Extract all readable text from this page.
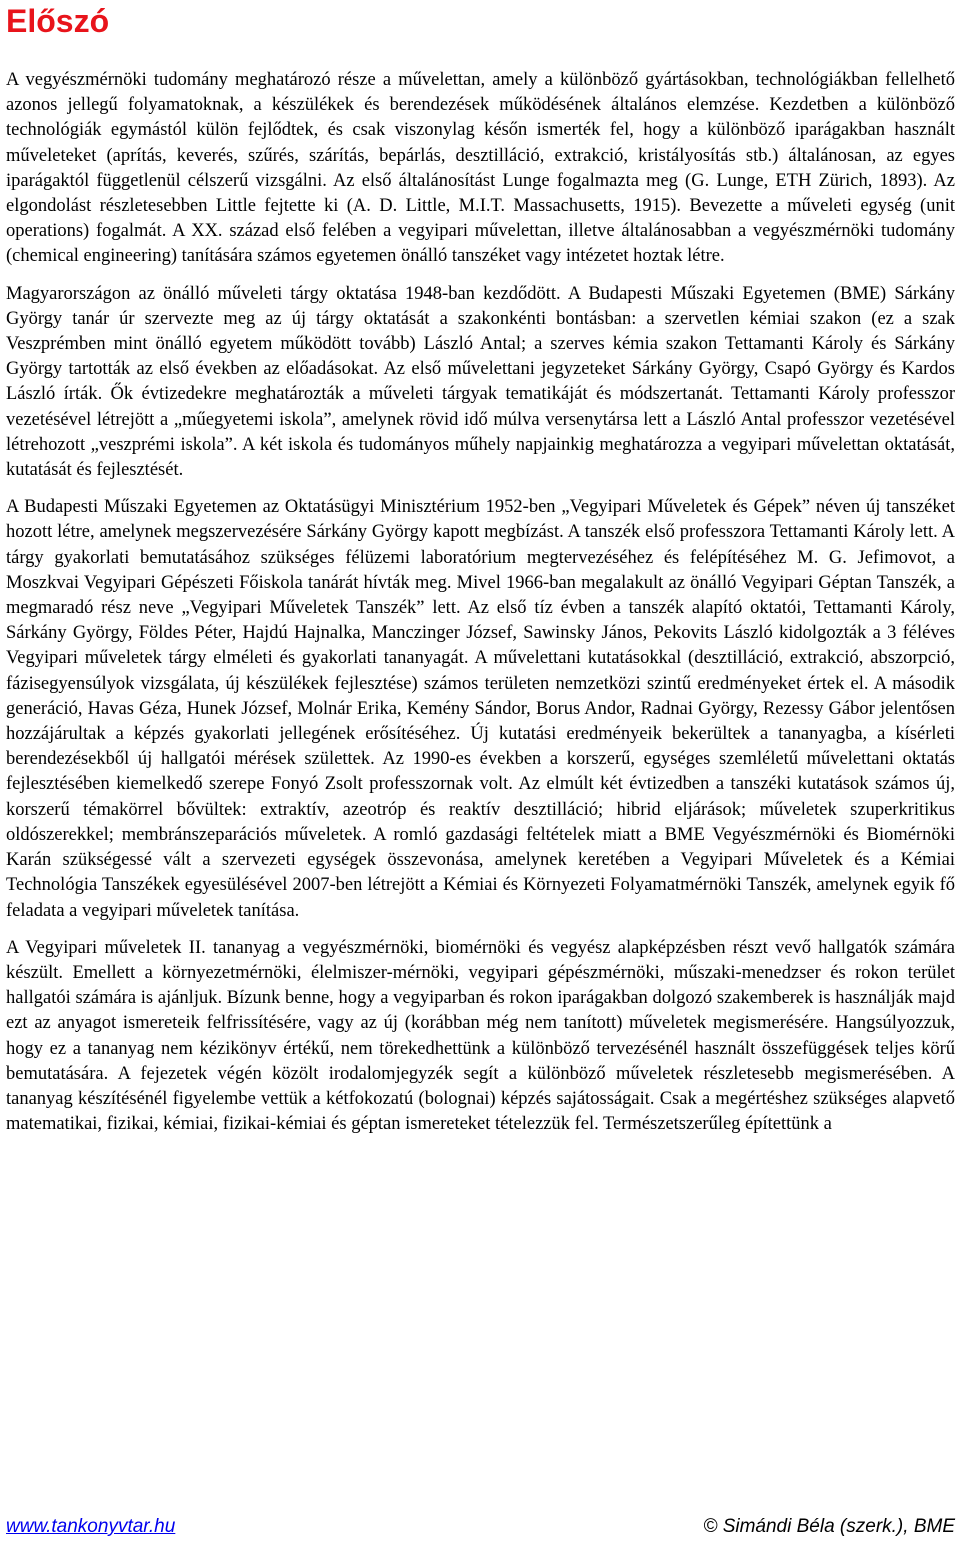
Előszó

A vegyészmérnöki tudomány meghatározó része a művelettan, amely a különböző gyártásokban, technológiákban fellelhető azonos jellegű folyamatoknak, a készülékek és berendezések működésének általános elemzése. Kezdetben a különböző technológiák egymástól külön fejlődtek, és csak viszonylag későn ismerték fel, hogy a különböző iparágakban használt műveleteket (aprítás, keverés, szűrés, szárítás, bepárlás, desztilláció, extrakció, kristályosítás stb.) általánosan, az egyes iparágaktól függetlenül célszerű vizsgálni. Az első általánosítást Lunge fogalmazta meg (G. Lunge, ETH Zürich, 1893). Az elgondolást részletesebben Little fejtette ki (A. D. Little, M.I.T. Massachusetts, 1915). Bevezette a műveleti egység (unit operations) fogalmát. A XX. század első felében a vegyipari művelettan, illetve általánosabban a vegyészmérnöki tudomány (chemical engineering) tanítására számos egyetemen önálló tanszéket vagy intézetet hoztak létre.

Magyarországon az önálló műveleti tárgy oktatása 1948-ban kezdődött. A Budapesti Műszaki Egyetemen (BME) Sárkány György tanár úr szervezte meg az új tárgy oktatását a szakonkénti bontásban: a szervetlen kémiai szakon (ez a szak Veszprémben mint önálló egyetem működött tovább) László Antal; a szerves kémia szakon Tettamanti Károly és Sárkány György tartották az első években az előadásokat. Az első művelettani jegyzeteket Sárkány György, Csapó György és Kardos László írták. Ők évtizedekre meghatározták a műveleti tárgyak tematikáját és módszertanát. Tettamanti Károly professzor vezetésével létrejött a „műegyetemi iskola”, amelynek rövid idő múlva versenytársa lett a László Antal professzor vezetésével létrehozott „veszprémi iskola”. A két iskola és tudományos műhely napjainkig meghatározza a vegyipari művelettan oktatását, kutatását és fejlesztését.

A Budapesti Műszaki Egyetemen az Oktatásügyi Minisztérium 1952-ben „Vegyipari Műveletek és Gépek” néven új tanszéket hozott létre, amelynek megszervezésére Sárkány György kapott megbízást. A tanszék első professzora Tettamanti Károly lett. A tárgy gyakorlati bemutatásához szükséges félüzemi laboratórium megtervezéséhez és felépítéséhez M. G. Jefimovot, a Moszkvai Vegyipari Gépészeti Főiskola tanárát hívták meg. Mivel 1966-ban megalakult az önálló Vegyipari Géptan Tanszék, a megmaradó rész neve „Vegyipari Műveletek Tanszék” lett. Az első tíz évben a tanszék alapító oktatói, Tettamanti Károly, Sárkány György, Földes Péter, Hajdú Hajnalka, Manczinger József, Sawinsky János, Pekovits László kidolgozták a 3 féléves Vegyipari műveletek tárgy elméleti és gyakorlati tananyagát. A művelettani kutatásokkal (desztilláció, extrakció, abszorpció, fázisegyensúlyok vizsgálata, új készülékek fejlesztése) számos területen nemzetközi szintű eredményeket értek el. A második generáció, Havas Géza, Hunek József, Molnár Erika, Kemény Sándor, Borus Andor, Radnai György, Rezessy Gábor jelentősen hozzájárultak a képzés gyakorlati jellegének erősítéséhez. Új kutatási eredményeik bekerültek a tananyagba, a kísérleti berendezésekből új hallgatói mérések születtek. Az 1990-es években a korszerű, egységes szemléletű művelettani oktatás fejlesztésében kiemelkedő szerepe Fonyó Zsolt professzornak volt. Az elmúlt két évtizedben a tanszéki kutatások számos új, korszerű témakörrel bővültek: extraktív, azeotróp és reaktív desztilláció; hibrid eljárások; műveletek szuperkritikus oldószerekkel; membránszeparációs műveletek. A romló gazdasági feltételek miatt a BME Vegyészmérnöki és Biomérnöki Karán szükségessé vált a szervezeti egységek összevonása, amelynek keretében a Vegyipari Műveletek és a Kémiai Technológia Tanszékek egyesülésével 2007-ben létrejött a Kémiai és Környezeti Folyamatmérnöki Tanszék, amelynek egyik fő feladata a vegyipari műveletek tanítása.

A Vegyipari műveletek II. tananyag a vegyészmérnöki, biomérnöki és vegyész alapképzésben részt vevő hallgatók számára készült. Emellett a környezetmérnöki, élelmiszer-mérnöki, vegyipari gépészmérnöki, műszaki-menedzser és rokon terület hallgatói számára is ajánljuk. Bízunk benne, hogy a vegyiparban és rokon iparágakban dolgozó szakemberek is használják majd ezt az anyagot ismereteik felfrissítésére, vagy az új (korábban még nem tanított) műveletek megismerésére. Hangsúlyozzuk, hogy ez a tananyag nem kézikönyv értékű, nem törekedhettünk a különböző tervezésénél használt összefüggések teljes körű bemutatására. A fejezetek végén közölt irodalomjegyzék segít a különböző műveletek részletesebb megismerésében. A tananyag készítésénél figyelembe vettük a kétfokozatú (bolognai) képzés sajátosságait. Csak a megértéshez szükséges alapvető matematikai, fizikai, kémiai, fizikai-kémiai és géptan ismereteket tételezzük fel. Természetszerűleg építettünk a

www.tankonyvtar.hu	© Simándi Béla (szerk.), BME
